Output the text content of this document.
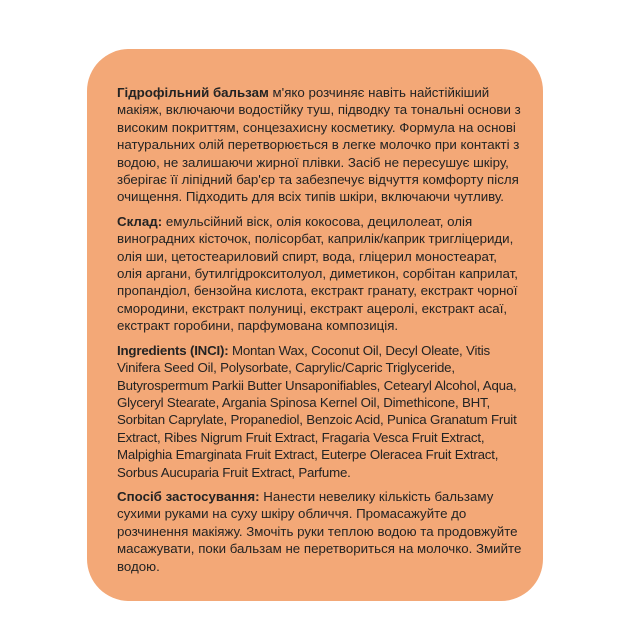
Гідрофільний бальзам м'яко розчиняє навіть найстійкіший макіяж, включаючи водостійку туш, підводку та тональні основи з високим покриттям, сонцезахисну косметику. Формула на основі натуральних олій перетворюється в легке молочко при контакті з водою, не залишаючи жирної плівки. Засіб не пересушує шкіру, зберігає її ліпідний бар'єр та забезпечує відчуття комфорту після очищення. Підходить для всіх типів шкіри, включаючи чутливу.

Склад: емульсійний віск, олія кокосова, децилолеат, олія виноградних кісточок, полісорбат, каприлік/каприк тригліцериди, олія ши, цетостеариловий спирт, вода, гліцерил моностеарат, олія аргани, бутилгідрокситолуол, диметикон, сорбітан каприлат, пропандіол, бензойна кислота, екстракт гранату, екстракт чорної смородини, екстракт полуниці, екстракт ацеролі, екстракт асаї, екстракт горобини, парфумована композиція.

Ingredients (INCI): Montan Wax, Coconut Oil, Decyl Oleate, Vitis Vinifera Seed Oil, Polysorbate, Caprylic/Capric Triglyceride, Butyrospermum Parkii Butter Unsaponifiables, Cetearyl Alcohol, Aqua, Glyceryl Stearate, Argania Spinosa Kernel Oil, Dimethicone, BHT, Sorbitan Caprylate, Propanediol, Benzoic Acid, Punica Granatum Fruit Extract, Ribes Nigrum Fruit Extract, Fragaria Vesca Fruit Extract, Malpighia Emarginata Fruit Extract, Euterpe Oleracea Fruit Extract, Sorbus Aucuparia Fruit Extract, Parfume.

Спосіб застосування: Нанести невелику кількість бальзаму сухими руками на суху шкіру обличчя. Промасажуйте до розчинення макіяжу. Змочіть руки теплою водою та продовжуйте масажувати, поки бальзам не перетвориться на молочко. Змийте водою.
